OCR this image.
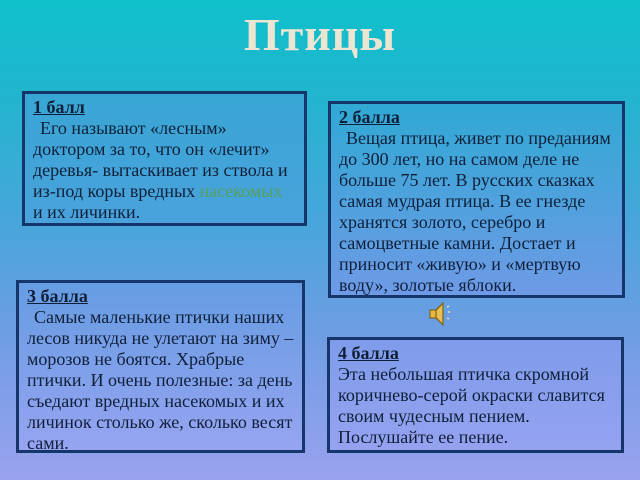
Птицы
1 балл

Его называют «лесным» доктором за то, что он «лечит» деревья- вытаскивает из ствола и из-под коры вредных насекомых и их личинки.

2 балла

Вещая птица, живет по преданиям до 300 лет, но на самом деле не больше 75 лет. В русских сказках самая мудрая птица. В ее гнезде хранятся золото, серебро и самоцветные камни. Достает и приносит «живую» и «мертвую воду», золотые яблоки.

3 балла

Самые маленькие птички наших лесов никуда не улетают на зиму – морозов не боятся. Храбрые птички. И очень полезные: за день съедают вредных насекомых и их личинок столько же, сколько весят сами.

4 балла

Эта небольшая птичка скромной коричнево-серой окраски славится своим чудесным пением. Послушайте ее пение.
